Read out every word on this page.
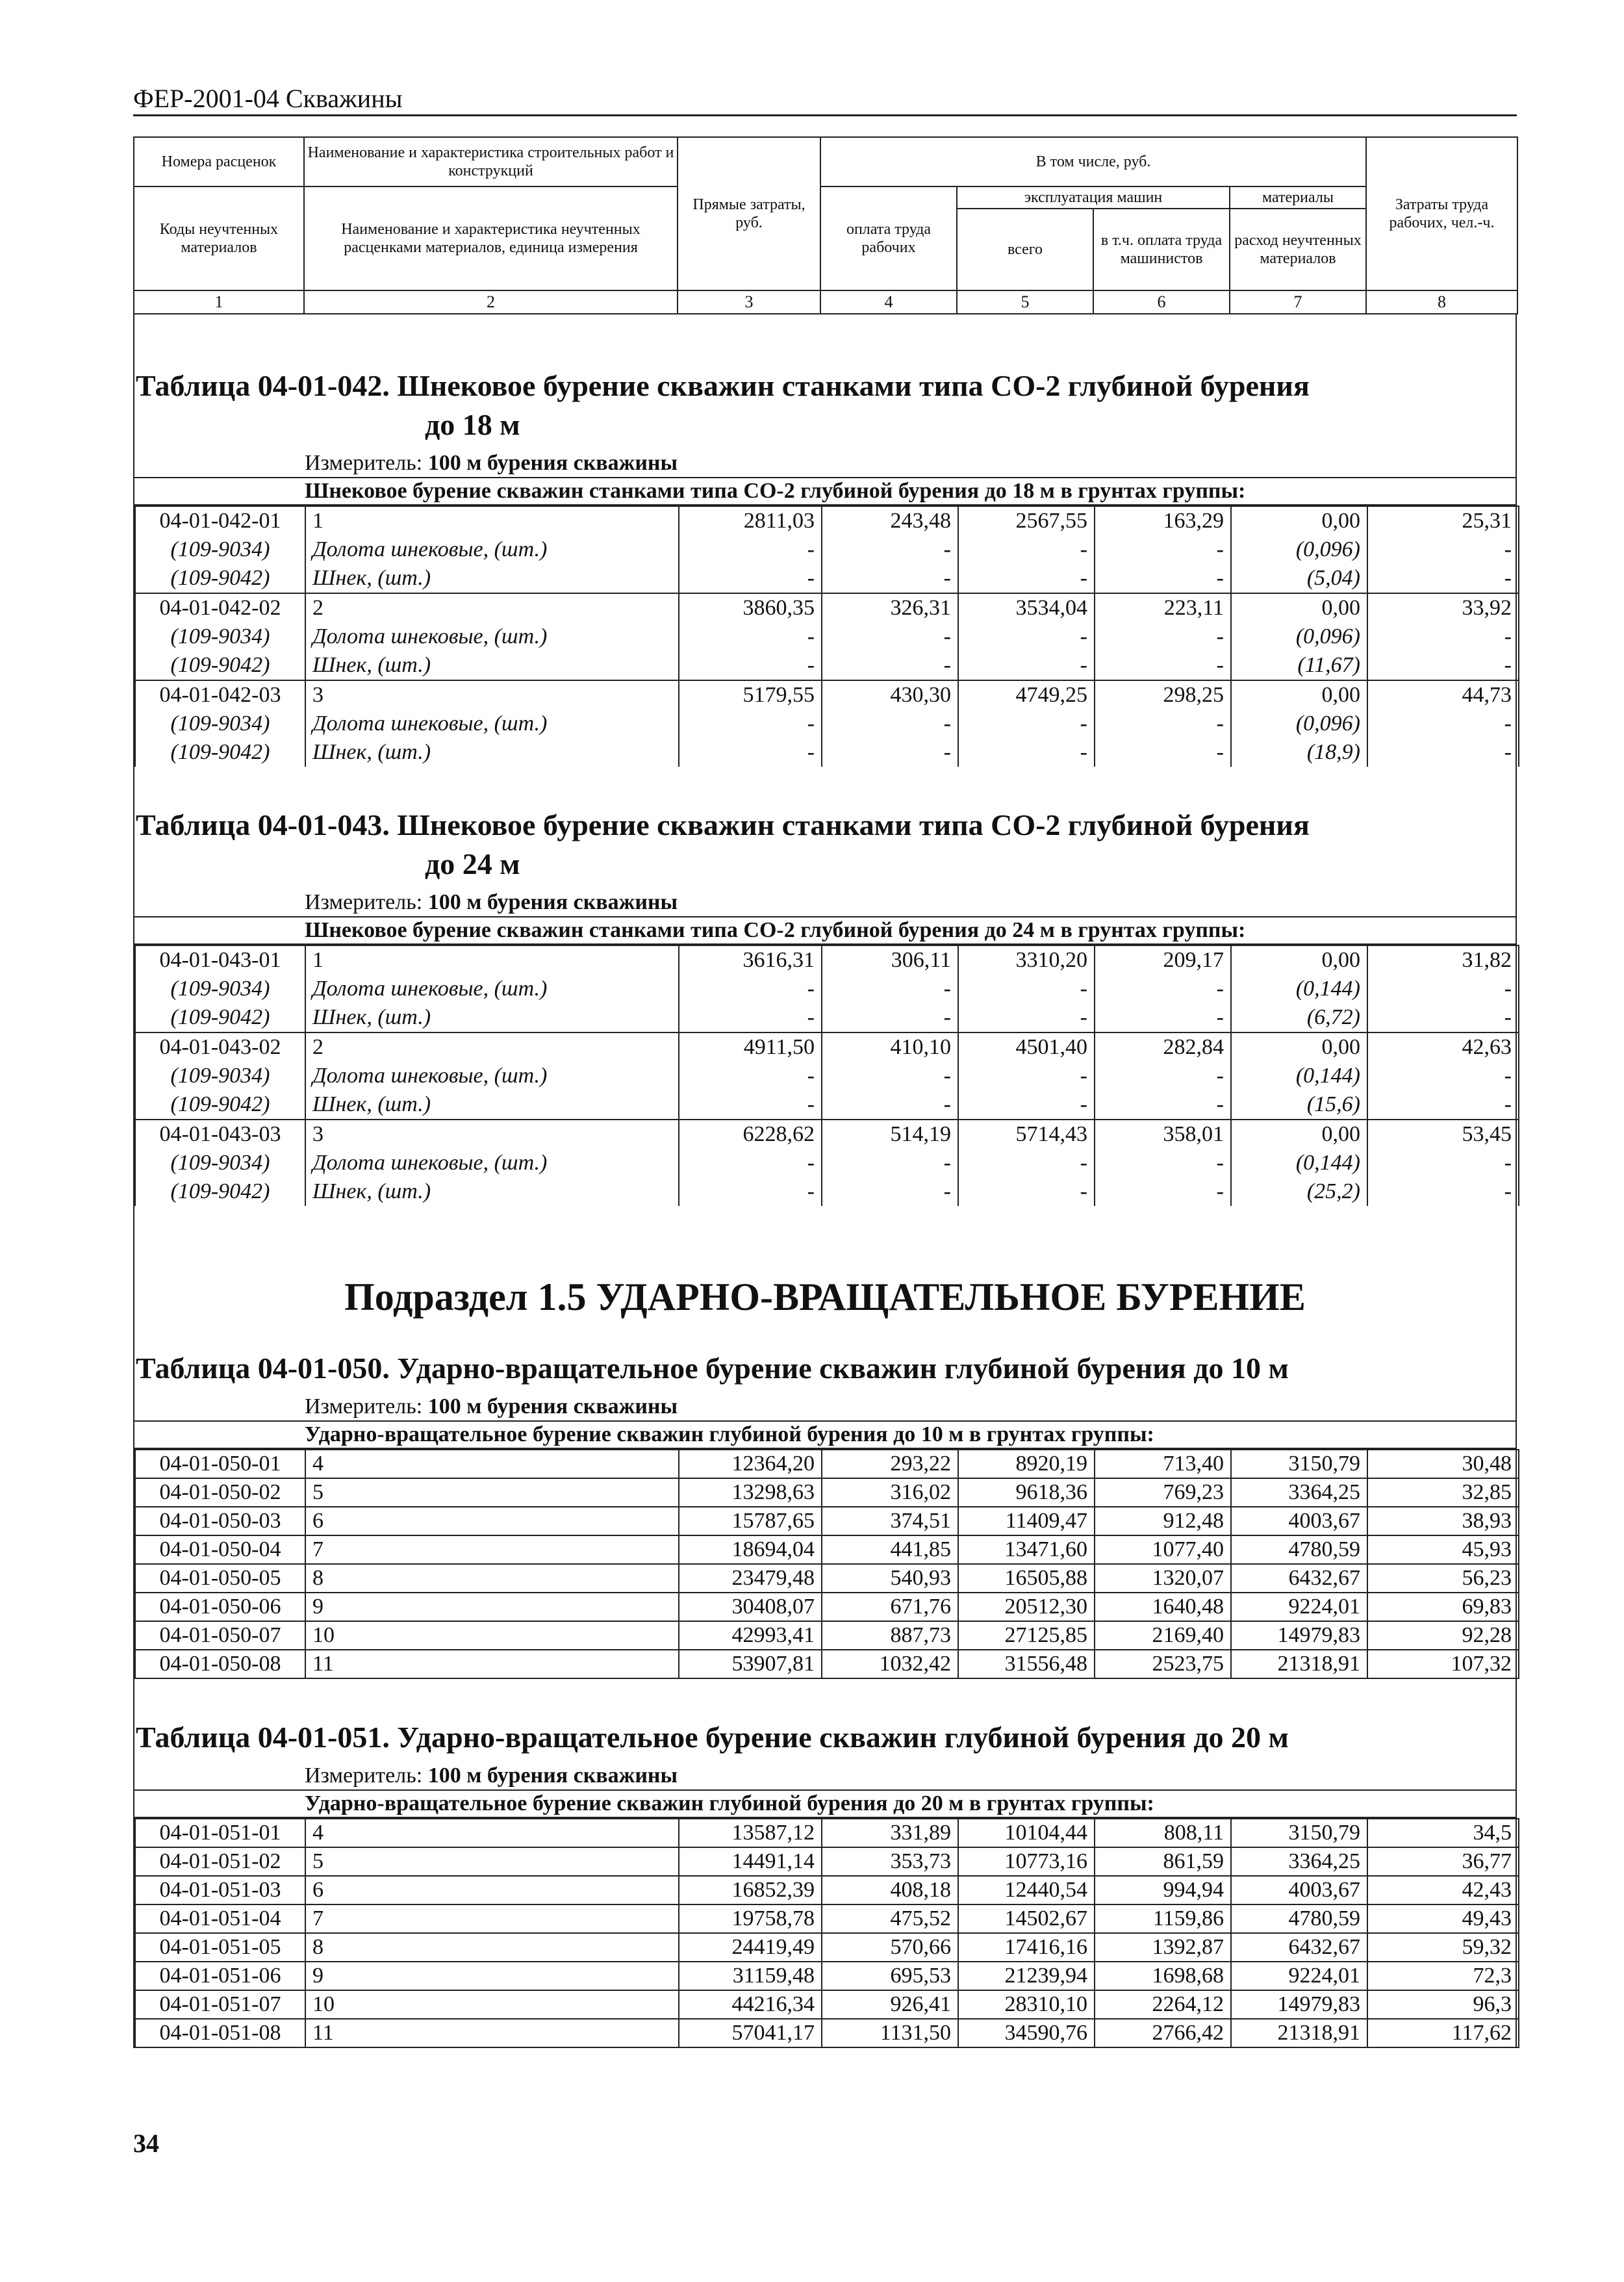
ФЕР-2001-04 Скважины
Номера расценок	Наименование и характеристика строительных работ и конструкций	Прямые затраты, руб.	В том числе, руб.				Затраты труда рабочих, чел.-ч.
Коды неучтенных материалов	Наименование и характеристика неучтенных расценками материалов, единица измерения		оплата труда рабочих	эксплуатация машин		материалы	
				всего	в т.ч. оплата труда машинистов	расход неучтенных материалов	
1	2	3	4	5	6	7	8
Таблица 04-01-042. Шнековое бурение скважин станками типа СО-2 глубиной бурения
до 18 м
Измеритель: 100 м бурения скважины
Шнековое бурение скважин станками типа СО-2 глубиной бурения до 18 м в грунтах группы:
04-01-042-01	1	2811,03	243,48	2567,55	163,29	0,00	25,31
(109-9034)	Долота шнековые, (шт.)	-	-	-	-	(0,096)	-
(109-9042)	Шнек, (шт.)	-	-	-	-	(5,04)	-
04-01-042-02	2	3860,35	326,31	3534,04	223,11	0,00	33,92
(109-9034)	Долота шнековые, (шт.)	-	-	-	-	(0,096)	-
(109-9042)	Шнек, (шт.)	-	-	-	-	(11,67)	-
04-01-042-03	3	5179,55	430,30	4749,25	298,25	0,00	44,73
(109-9034)	Долота шнековые, (шт.)	-	-	-	-	(0,096)	-
(109-9042)	Шнек, (шт.)	-	-	-	-	(18,9)	-
Таблица 04-01-043. Шнековое бурение скважин станками типа СО-2 глубиной бурения
до 24 м
Измеритель: 100 м бурения скважины
Шнековое бурение скважин станками типа СО-2 глубиной бурения до 24 м в грунтах группы:
04-01-043-01	1	3616,31	306,11	3310,20	209,17	0,00	31,82
(109-9034)	Долота шнековые, (шт.)	-	-	-	-	(0,144)	-
(109-9042)	Шнек, (шт.)	-	-	-	-	(6,72)	-
04-01-043-02	2	4911,50	410,10	4501,40	282,84	0,00	42,63
(109-9034)	Долота шнековые, (шт.)	-	-	-	-	(0,144)	-
(109-9042)	Шнек, (шт.)	-	-	-	-	(15,6)	-
04-01-043-03	3	6228,62	514,19	5714,43	358,01	0,00	53,45
(109-9034)	Долота шнековые, (шт.)	-	-	-	-	(0,144)	-
(109-9042)	Шнек, (шт.)	-	-	-	-	(25,2)	-
Подраздел 1.5 УДАРНО-ВРАЩАТЕЛЬНОЕ БУРЕНИЕ
Таблица 04-01-050. Ударно-вращательное бурение скважин глубиной бурения до 10 м
Измеритель: 100 м бурения скважины
Ударно-вращательное бурение скважин глубиной бурения до 10 м в грунтах группы:
04-01-050-01	4	12364,20	293,22	8920,19	713,40	3150,79	30,48
04-01-050-02	5	13298,63	316,02	9618,36	769,23	3364,25	32,85
04-01-050-03	6	15787,65	374,51	11409,47	912,48	4003,67	38,93
04-01-050-04	7	18694,04	441,85	13471,60	1077,40	4780,59	45,93
04-01-050-05	8	23479,48	540,93	16505,88	1320,07	6432,67	56,23
04-01-050-06	9	30408,07	671,76	20512,30	1640,48	9224,01	69,83
04-01-050-07	10	42993,41	887,73	27125,85	2169,40	14979,83	92,28
04-01-050-08	11	53907,81	1032,42	31556,48	2523,75	21318,91	107,32
Таблица 04-01-051. Ударно-вращательное бурение скважин глубиной бурения до 20 м
Измеритель: 100 м бурения скважины
Ударно-вращательное бурение скважин глубиной бурения до 20 м в грунтах группы:
04-01-051-01	4	13587,12	331,89	10104,44	808,11	3150,79	34,5
04-01-051-02	5	14491,14	353,73	10773,16	861,59	3364,25	36,77
04-01-051-03	6	16852,39	408,18	12440,54	994,94	4003,67	42,43
04-01-051-04	7	19758,78	475,52	14502,67	1159,86	4780,59	49,43
04-01-051-05	8	24419,49	570,66	17416,16	1392,87	6432,67	59,32
04-01-051-06	9	31159,48	695,53	21239,94	1698,68	9224,01	72,3
04-01-051-07	10	44216,34	926,41	28310,10	2264,12	14979,83	96,3
04-01-051-08	11	57041,17	1131,50	34590,76	2766,42	21318,91	117,62
34
